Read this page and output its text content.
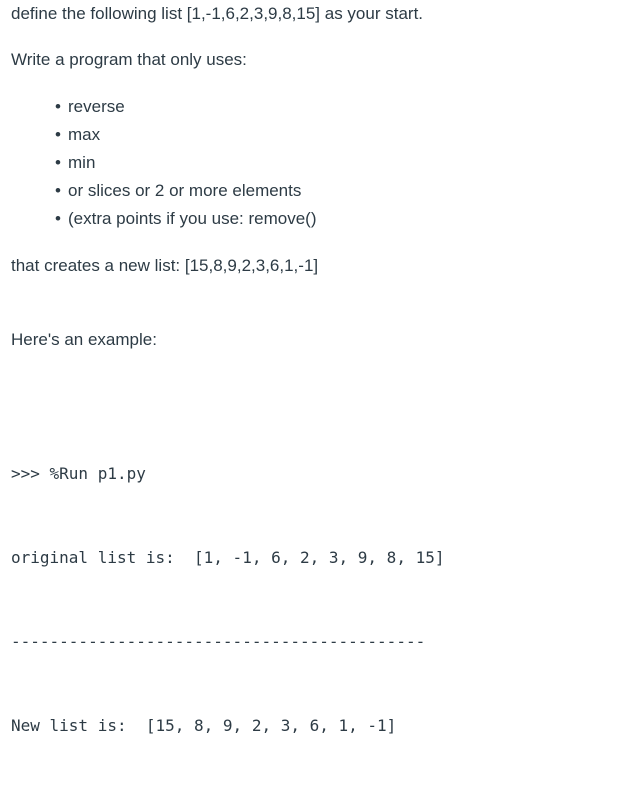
define the following list [1,-1,6,2,3,9,8,15] as your start.
Write a program that only uses:
• reverse
• max
• min
• or slices or 2 or more elements
• (extra points if you use: remove()
that creates a new list: [15,8,9,2,3,6,1,-1]
Here's an example:

>>> %Run p1.py

original list is:  [1, -1, 6, 2, 3, 9, 8, 15]

-------------------------------------------

New list is:  [15, 8, 9, 2, 3, 6, 1, -1]
